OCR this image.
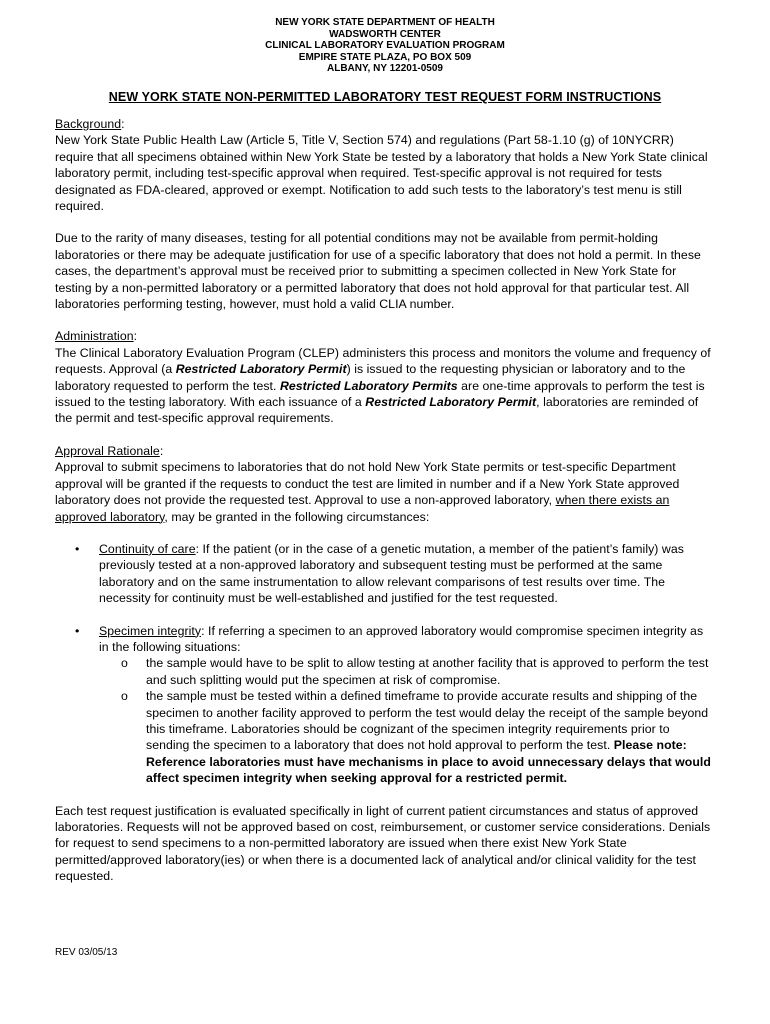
NEW YORK STATE DEPARTMENT OF HEALTH
WADSWORTH CENTER
CLINICAL LABORATORY EVALUATION PROGRAM
EMPIRE STATE PLAZA, PO BOX 509
ALBANY, NY 12201-0509
NEW YORK STATE NON-PERMITTED LABORATORY TEST REQUEST FORM INSTRUCTIONS
Background:
New York State Public Health Law (Article 5, Title V, Section 574) and regulations (Part 58-1.10 (g) of 10NYCRR) require that all specimens obtained within New York State be tested by a laboratory that holds a New York State clinical laboratory permit, including test-specific approval when required. Test-specific approval is not required for tests designated as FDA-cleared, approved or exempt. Notification to add such tests to the laboratory’s test menu is still required.
Due to the rarity of many diseases, testing for all potential conditions may not be available from permit-holding laboratories or there may be adequate justification for use of a specific laboratory that does not hold a permit. In these cases, the department’s approval must be received prior to submitting a specimen collected in New York State for testing by a non-permitted laboratory or a permitted laboratory that does not hold approval for that particular test. All laboratories performing testing, however, must hold a valid CLIA number.
Administration:
The Clinical Laboratory Evaluation Program (CLEP) administers this process and monitors the volume and frequency of requests. Approval (a Restricted Laboratory Permit) is issued to the requesting physician or laboratory and to the laboratory requested to perform the test. Restricted Laboratory Permits are one-time approvals to perform the test is issued to the testing laboratory. With each issuance of a Restricted Laboratory Permit, laboratories are reminded of the permit and test-specific approval requirements.
Approval Rationale:
Approval to submit specimens to laboratories that do not hold New York State permits or test-specific Department approval will be granted if the requests to conduct the test are limited in number and if a New York State approved laboratory does not provide the requested test. Approval to use a non-approved laboratory, when there exists an approved laboratory, may be granted in the following circumstances:
• Continuity of care: If the patient (or in the case of a genetic mutation, a member of the patient’s family) was previously tested at a non-approved laboratory and subsequent testing must be performed at the same laboratory and on the same instrumentation to allow relevant comparisons of test results over time. The necessity for continuity must be well-established and justified for the test requested.
• Specimen integrity: If referring a specimen to an approved laboratory would compromise specimen integrity as in the following situations:
o the sample would have to be split to allow testing at another facility that is approved to perform the test and such splitting would put the specimen at risk of compromise.
o the sample must be tested within a defined timeframe to provide accurate results and shipping of the specimen to another facility approved to perform the test would delay the receipt of the sample beyond this timeframe. Laboratories should be cognizant of the specimen integrity requirements prior to sending the specimen to a laboratory that does not hold approval to perform the test. Please note: Reference laboratories must have mechanisms in place to avoid unnecessary delays that would affect specimen integrity when seeking approval for a restricted permit.
Each test request justification is evaluated specifically in light of current patient circumstances and status of approved laboratories. Requests will not be approved based on cost, reimbursement, or customer service considerations. Denials for request to send specimens to a non-permitted laboratory are issued when there exist New York State permitted/approved laboratory(ies) or when there is a documented lack of analytical and/or clinical validity for the test requested.
REV 03/05/13
